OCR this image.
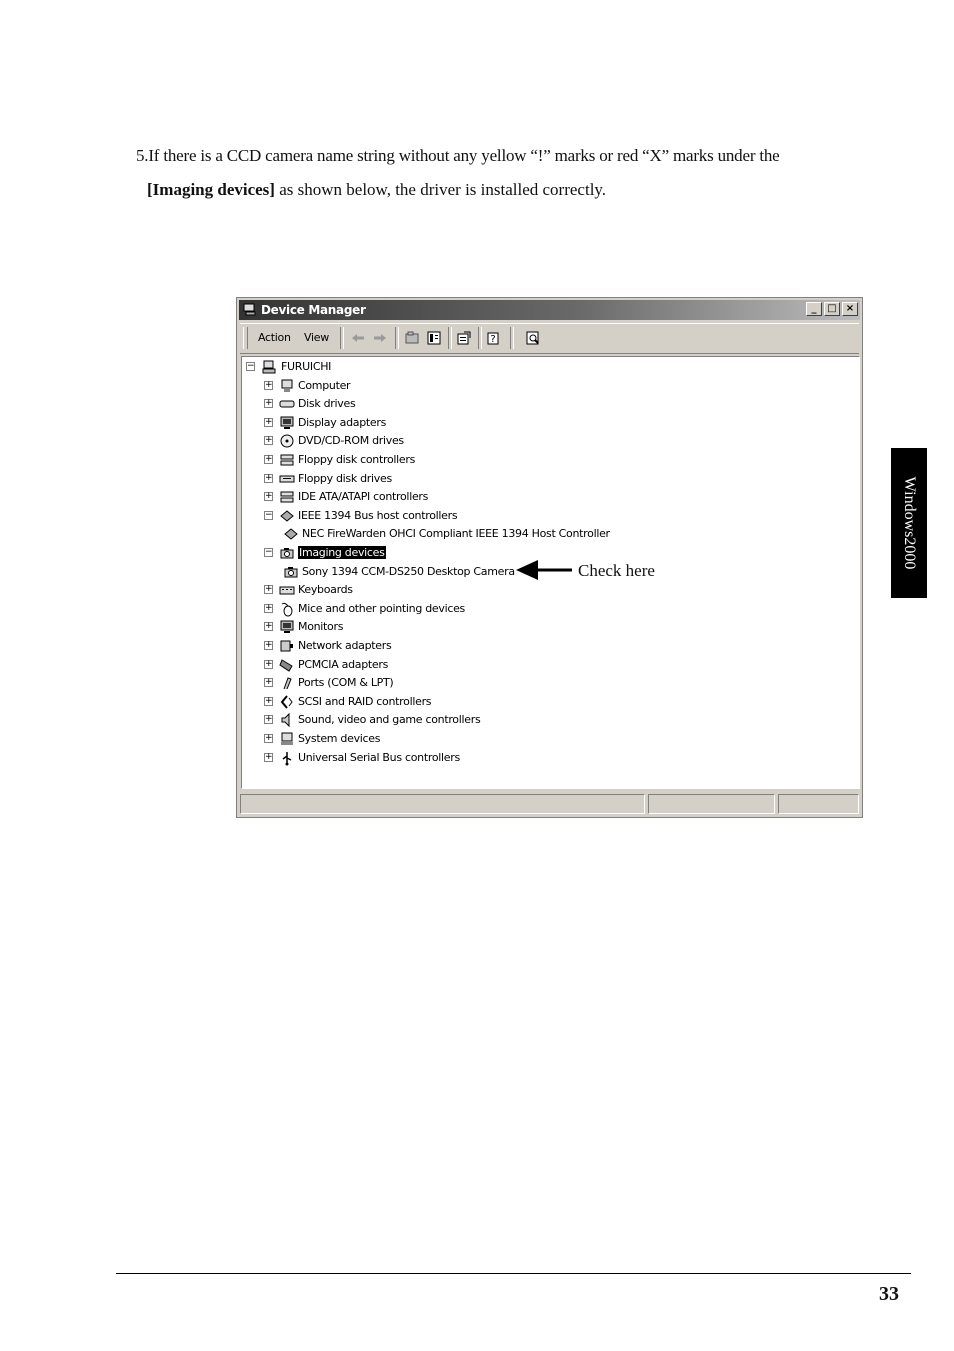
5.If there is a CCD camera name string without any yellow “!” marks or red “X” marks under the
[Imaging devices] as shown below, the driver is installed correctly.
Device Manager	_	□ ×
Action View	?
− FURUICHI
+ Computer
+ Disk drives
+ Display adapters
+ DVD/CD-ROM drives
+ Floppy disk controllers
+ Floppy disk drives
+ IDE ATA/ATAPI controllers
− IEEE 1394 Bus host controllers
NEC FireWarden OHCI Compliant IEEE 1394 Host Controller
− Imaging devices
Sony 1394 CCM-DS250 Desktop Camera
+ Keyboards
+ Mice and other pointing devices
+ Monitors
+ Network adapters
+ PCMCIA adapters
+ Ports (COM & LPT)
+ SCSI and RAID controllers
+ Sound, video and game controllers
+ System devices
+ Universal Serial Bus controllers
Check here
Windows2000
33
